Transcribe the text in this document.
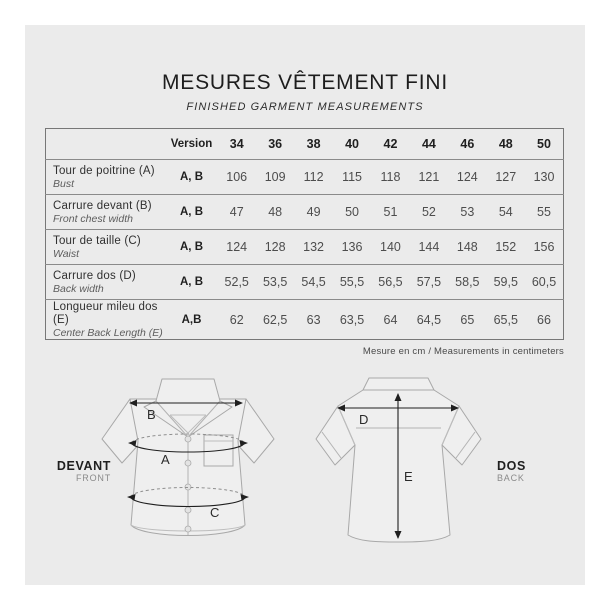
MESURES VÊTEMENT FINI
FINISHED GARMENT MEASUREMENTS
	Version	34	36	38	40	42	44	46	48	50

Tour de poitrine (A)
Bust	A, B	106	109	112	115	118	121	124	127	130

Carrure devant (B)
Front chest width	A, B	47	48	49	50	51	52	53	54	55

Tour de taille (C)
Waist	A, B	124	128	132	136	140	144	148	152	156

Carrure dos (D)
Back width	A, B	52,5	53,5	54,5	55,5	56,5	57,5	58,5	59,5	60,5

Longueur mileu dos (E)
Center Back Length (E)	A,B	62	62,5	63	63,5	64	64,5	65	65,5	66
Mesure en cm / Measurements in centimeters
B
A
C
D
E
DEVANT
FRONT
DOS
BACK
